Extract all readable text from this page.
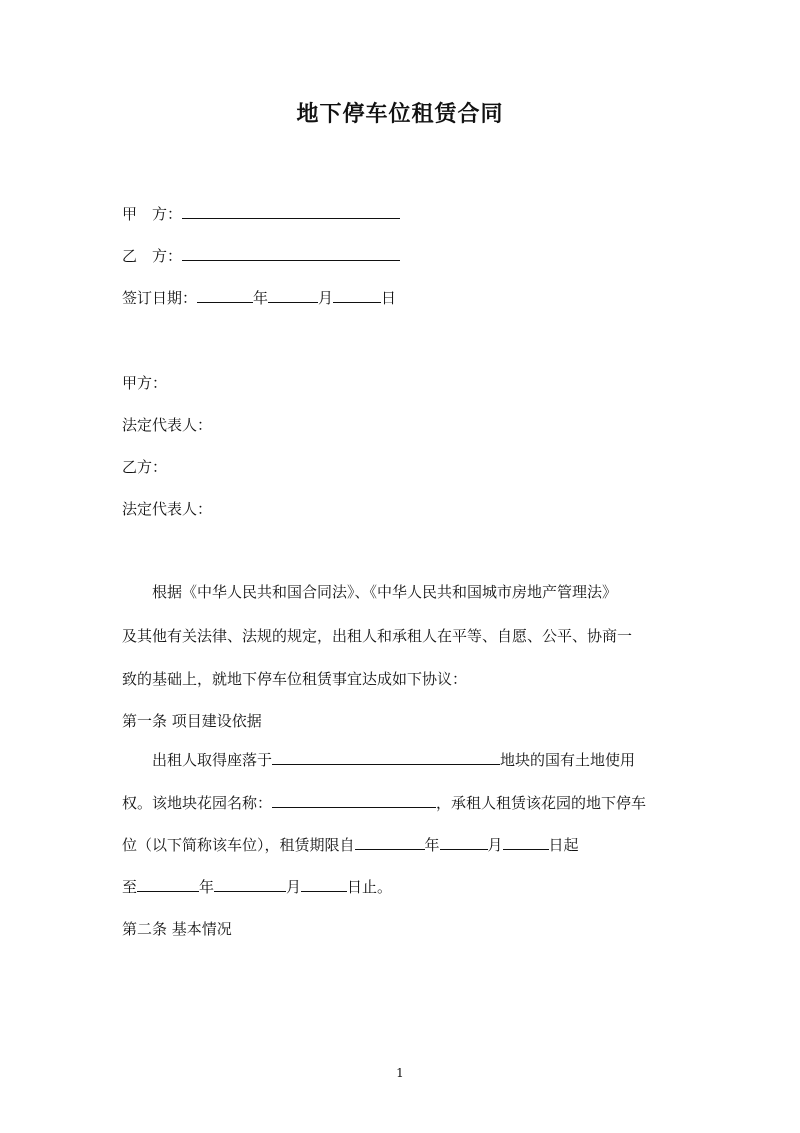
地下停车位租赁合同
甲　方：
乙　方：
签订日期：	年	月	日
甲方：
法定代表人：
乙方：
法定代表人：
根据《中华人民共和国合同法》、《中华人民共和国城市房地产管理法》
及其他有关法律、法规的规定，出租人和承租人在平等、自愿、公平、协商一
致的基础上，就地下停车位租赁事宜达成如下协议：
第一条 项目建设依据
出租人取得座落于	地块的国有土地使用
权。该地块花园名称：	，承租人租赁该花园的地下停车
位（以下简称该车位），租赁期限自	年	月	日起
至	年	月	日止。
第二条 基本情况
1
